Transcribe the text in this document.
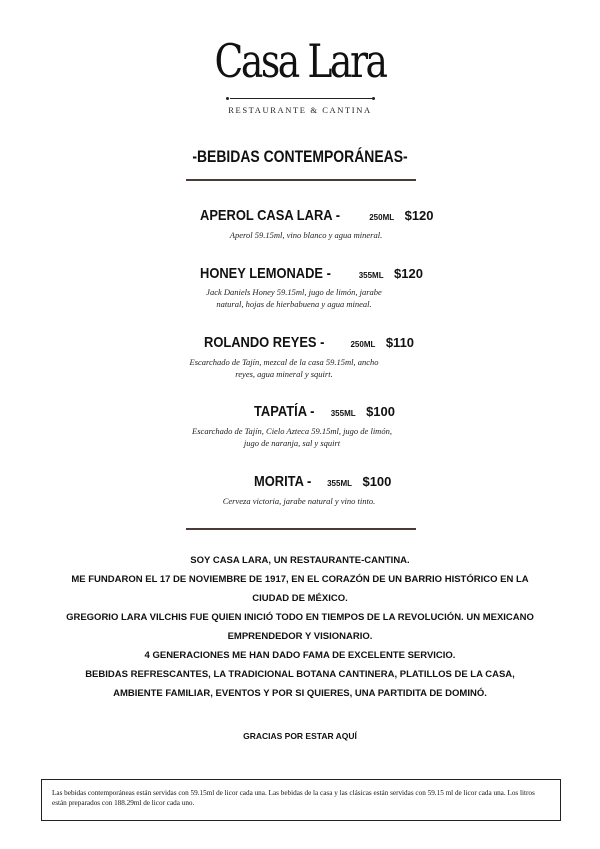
Casa Lara
RESTAURANTE & CANTINA
-BEBIDAS CONTEMPORÁNEAS-
APEROL CASA LARA -	250ML $120
Aperol 59.15ml, vino blanco y agua mineral.
HONEY LEMONADE -	355ML $120
Jack Daniels Honey 59.15ml, jugo de limón, jarabe natural, hojas de hierbabuena y agua mineal.
ROLANDO REYES -	250ML $110
Escarchado de Tajín, mezcal de la casa 59.15ml, ancho reyes, agua mineral y squirt.
TAPATÍA - 355ML $100
Escarchado de Tajín, Cielo Azteca 59.15ml, jugo de limón, jugo de naranja, sal y squirt
MORITA - 355ML $100
Cerveza victoria, jarabe natural y vino tinto.

SOY CASA LARA, UN RESTAURANTE-CANTINA.

ME FUNDARON EL 17 DE NOVIEMBRE DE 1917, EN EL CORAZÓN DE UN BARRIO HISTÓRICO EN LA CIUDAD DE MÉXICO.

GREGORIO LARA VILCHIS FUE QUIEN INICIÓ TODO EN TIEMPOS DE LA REVOLUCIÓN. UN MEXICANO EMPRENDEDOR Y VISIONARIO.

4 GENERACIONES ME HAN DADO FAMA DE EXCELENTE SERVICIO.

BEBIDAS REFRESCANTES, LA TRADICIONAL BOTANA CANTINERA, PLATILLOS DE LA CASA, AMBIENTE FAMILIAR, EVENTOS Y POR SI QUIERES, UNA PARTIDITA DE DOMINÓ.

GRACIAS POR ESTAR AQUÍ
Las bebidas contemporáneas están servidas con 59.15ml de licor cada una. Las bebidas de la casa y las clásicas están servidas con 59.15 ml de licor cada una. Los litros están preparados con 188.29ml de licor cada uno.
